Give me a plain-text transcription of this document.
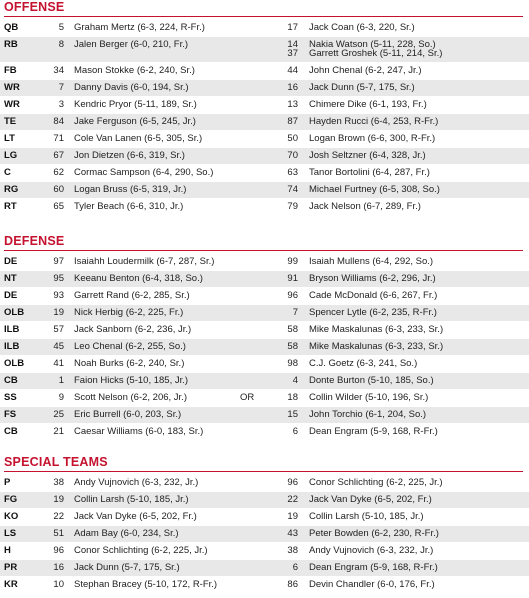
OFFENSE
QB	5 Graham Mertz (6-3, 224, R-Fr.)	17 Jack Coan (6-3, 220, Sr.)
RB	8 Jalen Berger (6-0, 210, Fr.)	14 Nakia Watson (5-11, 228, So.)
37 Garrett Groshek (5-11, 214, Sr.)
FB	34 Mason Stokke (6-2, 240, Sr.)	44 John Chenal (6-2, 247, Jr.)
WR	7 Danny Davis (6-0, 194, Sr.)	16 Jack Dunn (5-7, 175, Sr.)
WR	3 Kendric Pryor (5-11, 189, Sr.)	13 Chimere Dike (6-1, 193, Fr.)
TE	84 Jake Ferguson (6-5, 245, Jr.)	87 Hayden Rucci (6-4, 253, R-Fr.)
LT	71 Cole Van Lanen (6-5, 305, Sr.)	50 Logan Brown (6-6, 300, R-Fr.)
LG	67 Jon Dietzen (6-6, 319, Sr.)	70 Josh Seltzner (6-4, 328, Jr.)
C	62 Cormac Sampson (6-4, 290, So.)	63 Tanor Bortolini (6-4, 287, Fr.)
RG	60 Logan Bruss (6-5, 319, Jr.)	74 Michael Furtney (6-5, 308, So.)
RT	65 Tyler Beach (6-6, 310, Jr.)	79 Jack Nelson (6-7, 289, Fr.)
DEFENSE
DE	97 Isaiahh Loudermilk (6-7, 287, Sr.)	99 Isaiah Mullens (6-4, 292, So.)
NT	95 Keeanu Benton (6-4, 318, So.)	91 Bryson Williams (6-2, 296, Jr.)
DE	93 Garrett Rand (6-2, 285, Sr.)	96 Cade McDonald (6-6, 267, Fr.)
OLB	19 Nick Herbig (6-2, 225, Fr.)	7 Spencer Lytle (6-2, 235, R-Fr.)
ILB	57 Jack Sanborn (6-2, 236, Jr.)	58 Mike Maskalunas (6-3, 233, Sr.)
ILB	45 Leo Chenal (6-2, 255, So.)	58 Mike Maskalunas (6-3, 233, Sr.)
OLB	41 Noah Burks (6-2, 240, Sr.)	98 C.J. Goetz (6-3, 241, So.)
CB	1 Faion Hicks (5-10, 185, Jr.)	4 Donte Burton (5-10, 185, So.)
SS	9 Scott Nelson (6-2, 206, Jr.)	OR	18 Collin Wilder (5-10, 196, Sr.)
FS	25 Eric Burrell (6-0, 203, Sr.)	15 John Torchio (6-1, 204, So.)
CB	21 Caesar Williams (6-0, 183, Sr.)	6 Dean Engram (5-9, 168, R-Fr.)
SPECIAL TEAMS
P	38 Andy Vujnovich (6-3, 232, Jr.)	96 Conor Schlichting (6-2, 225, Jr.)
FG	19 Collin Larsh (5-10, 185, Jr.)	22 Jack Van Dyke (6-5, 202, Fr.)
KO	22 Jack Van Dyke (6-5, 202, Fr.)	19 Collin Larsh (5-10, 185, Jr.)
LS	51 Adam Bay (6-0, 234, Sr.)	43 Peter Bowden (6-2, 230, R-Fr.)
H	96 Conor Schlichting (6-2, 225, Jr.)	38 Andy Vujnovich (6-3, 232, Jr.)
PR	16 Jack Dunn (5-7, 175, Sr.)	6 Dean Engram (5-9, 168, R-Fr.)
KR	10 Stephan Bracey (5-10, 172, R-Fr.)	86 Devin Chandler (6-0, 176, Fr.)
